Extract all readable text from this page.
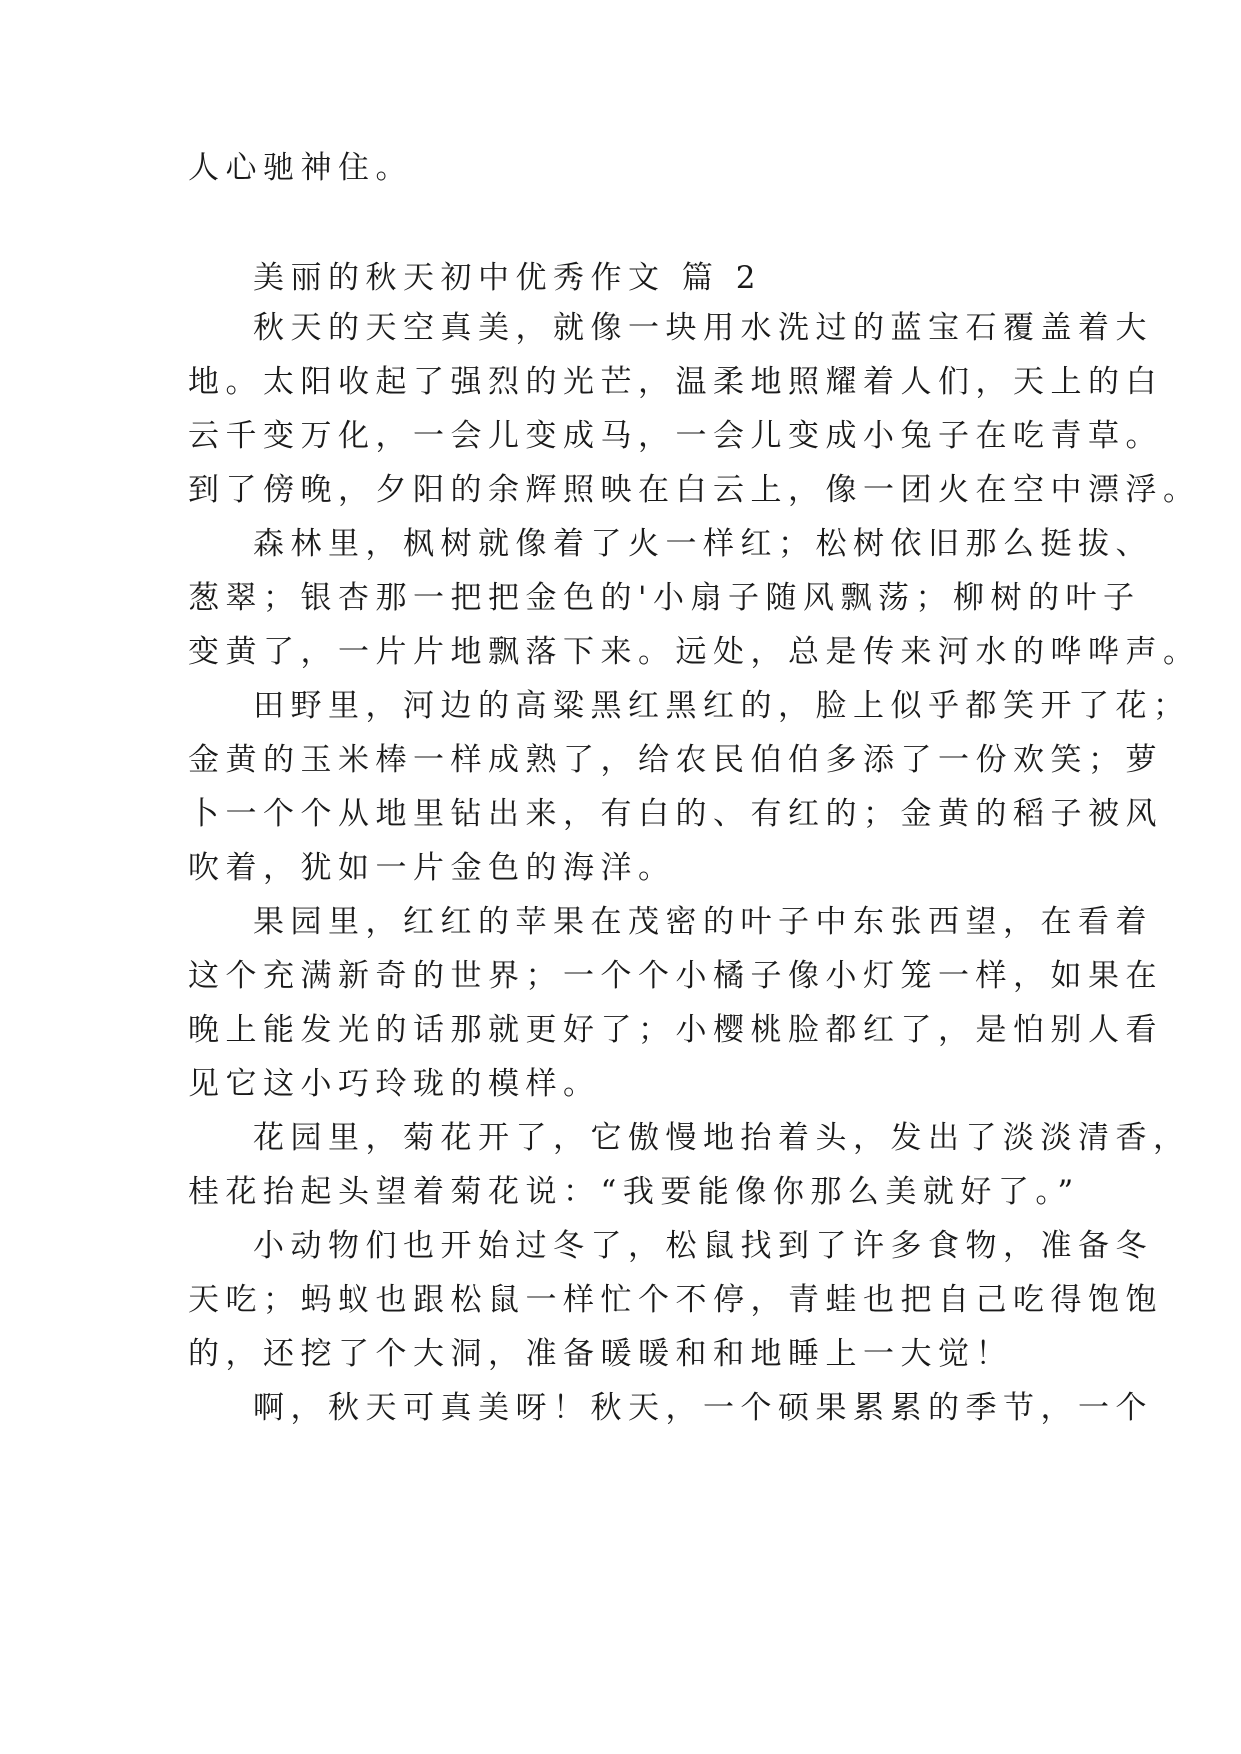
人心驰神住。
美丽的秋天初中优秀作文 篇 2
秋天的天空真美，就像一块用水洗过的蓝宝石覆盖着大
地。太阳收起了强烈的光芒，温柔地照耀着人们，天上的白
云千变万化，一会儿变成马，一会儿变成小兔子在吃青草。
到了傍晚，夕阳的余辉照映在白云上，像一团火在空中漂浮。
森林里，枫树就像着了火一样红；松树依旧那么挺拔、
葱翠；银杏那一把把金色的'小扇子随风飘荡；柳树的叶子
变黄了，一片片地飘落下来。远处，总是传来河水的哗哗声。
田野里，河边的高粱黑红黑红的，脸上似乎都笑开了花；
金黄的玉米棒一样成熟了，给农民伯伯多添了一份欢笑；萝
卜一个个从地里钻出来，有白的、有红的；金黄的稻子被风
吹着，犹如一片金色的海洋。
果园里，红红的苹果在茂密的叶子中东张西望，在看着
这个充满新奇的世界；一个个小橘子像小灯笼一样，如果在
晚上能发光的话那就更好了；小樱桃脸都红了，是怕别人看
见它这小巧玲珑的模样。
花园里，菊花开了，它傲慢地抬着头，发出了淡淡清香，
桂花抬起头望着菊花说：“我要能像你那么美就好了。”
小动物们也开始过冬了，松鼠找到了许多食物，准备冬
天吃；蚂蚁也跟松鼠一样忙个不停，青蛙也把自己吃得饱饱
的，还挖了个大洞，准备暖暖和和地睡上一大觉！
啊，秋天可真美呀！秋天，一个硕果累累的季节，一个
